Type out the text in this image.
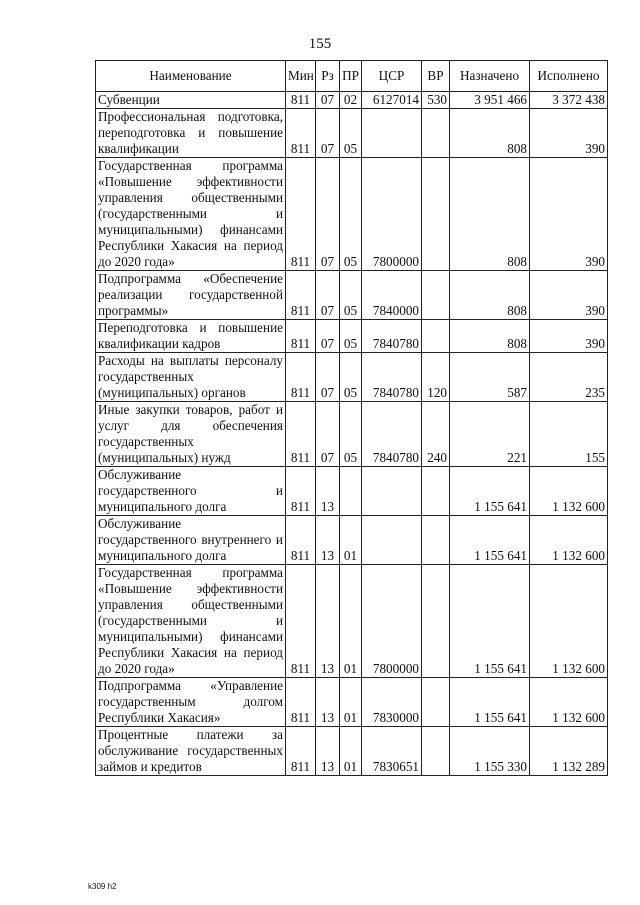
155
Наименование	Мин	Рз	ПР	ЦСР	ВР	Назначено	Исполнено
Субвенции	811	07	02	6127014	530	3 951 466	3 372 438
Профессиональная подготовка, переподготовка и повышение квалификации	811	07	05			808	390
Государственная программа «Повышение эффективности управления общественными (государственными и муниципальными) финансами Республики Хакасия на период до 2020 года»	811	07	05	7800000		808	390
Подпрограмма «Обеспечение реализации государственной программы»	811	07	05	7840000		808	390
Переподготовка и повышение квалификации кадров	811	07	05	7840780		808	390
Расходы на выплаты персоналу государственных (муниципальных) органов	811	07	05	7840780	120	587	235
Иные закупки товаров, работ и услуг для обеспечения государственных (муниципальных) нужд	811	07	05	7840780	240	221	155
Обслуживание государственного и муниципального долга	811	13				1 155 641	1 132 600
Обслуживание государственного внутреннего и муниципального долга	811	13	01			1 155 641	1 132 600
Государственная программа «Повышение эффективности управления общественными (государственными и муниципальными) финансами Республики Хакасия на период до 2020 года»	811	13	01	7800000		1 155 641	1 132 600
Подпрограмма «Управление государственным долгом Республики Хакасия»	811	13	01	7830000		1 155 641	1 132 600
Процентные платежи за обслуживание государственных займов и кредитов	811	13	01	7830651		1 155 330	1 132 289
k309 h2
